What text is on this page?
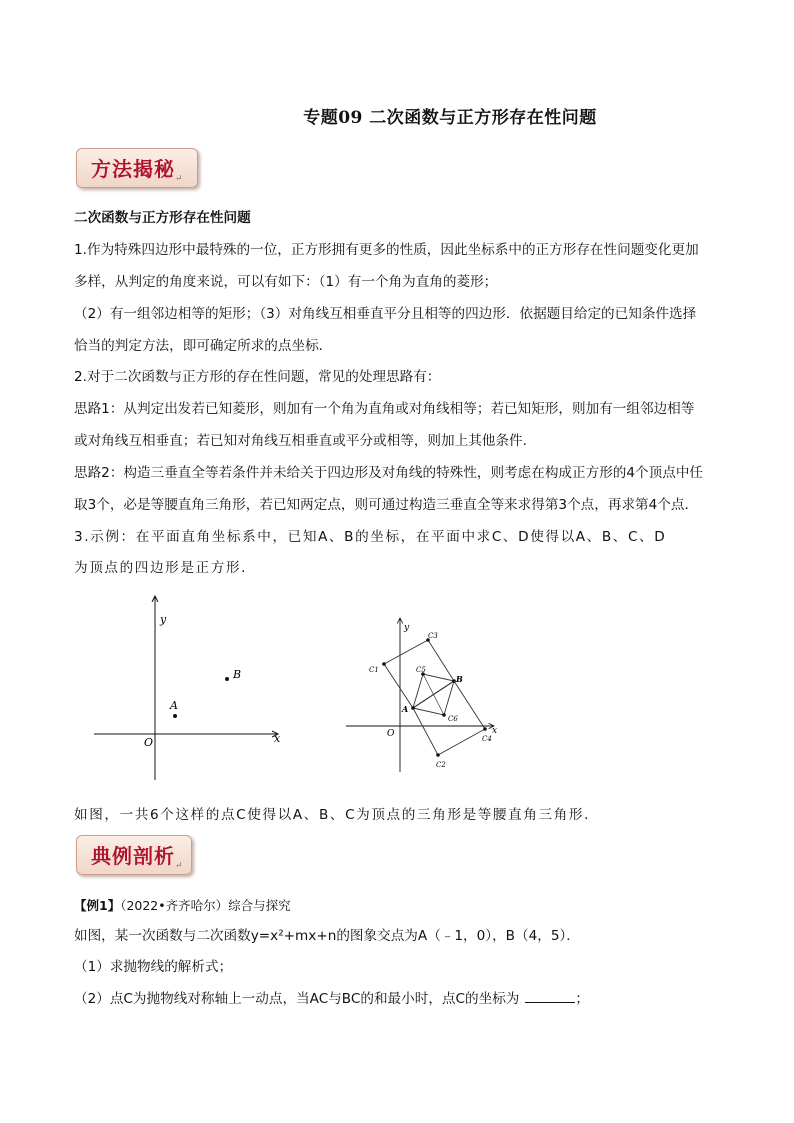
专题09 二次函数与正方形存在性问题
方法揭秘$_↵$
二次函数与正方形存在性问题
1.作为特殊四边形中最特殊的一位，正方形拥有更多的性质，因此坐标系中的正方形存在性问题变化更加
多样，从判定的角度来说，可以有如下：（1）有一个角为直角的菱形；
（2）有一组邻边相等的矩形；（3）对角线互相垂直平分且相等的四边形．依据题目给定的已知条件选择
恰当的判定方法，即可确定所求的点坐标．
2.对于二次函数与正方形的存在性问题，常见的处理思路有：
思路1：从判定出发若已知菱形，则加有一个角为直角或对角线相等；若已知矩形，则加有一组邻边相等
或对角线互相垂直；若已知对角线互相垂直或平分或相等，则加上其他条件．
思路2：构造三垂直全等若条件并未给关于四边形及对角线的特殊性，则考虑在构成正方形的4个顶点中任
取3个，必是等腰直角三角形，若已知两定点，则可通过构造三垂直全等来求得第3个点，再求第4个点．
3.示例：在平面直角坐标系中，已知A、B的坐标，在平面中求C、D使得以A、B、C、D
为顶点的四边形是正方形．
y
x
O
A
B
y
x
O
A
B
C1
C2
C3
C4
C5
C6
如图，一共6个这样的点C使得以A、B、C为顶点的三角形是等腰直角三角形．
典例剖析$_↵$
【例1】（2022•齐齐哈尔）综合与探究
如图，某一次函数与二次函数y=x²+mx+n的图象交点为A（﹣1，0），B（4，5）．
（1）求抛物线的解析式；
（2）点C为抛物线对称轴上一动点，当AC与BC的和最小时，点C的坐标为	；
